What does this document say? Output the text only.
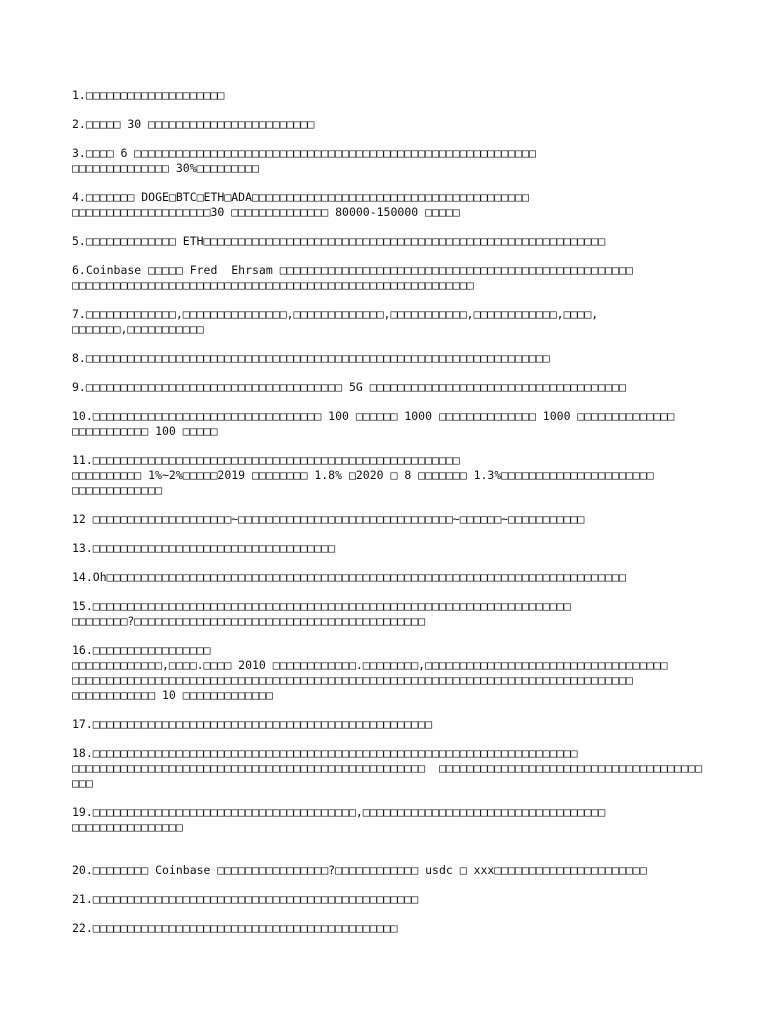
1.□□□□□□□□□□□□□□□□□□□□
2.□□□□□ 30 □□□□□□□□□□□□□□□□□□□□□□□□
3.□□□□ 6 □□□□□□□□□□□□□□□□□□□□□□□□□□□□□□□□□□□□□□□□□□□□□□□□□□□□□□□□□□
□□□□□□□□□□□□□□ 30%□□□□□□□□□
4.□□□□□□□ DOGE□BTC□ETH□ADA□□□□□□□□□□□□□□□□□□□□□□□□□□□□□□□□□□□□□□□□
□□□□□□□□□□□□□□□□□□□□30 □□□□□□□□□□□□□□ 80000-150000 □□□□□
5.□□□□□□□□□□□□□ ETH□□□□□□□□□□□□□□□□□□□□□□□□□□□□□□□□□□□□□□□□□□□□□□□□□□□□□□□□□□
6.Coinbase □□□□□ Fred  Ehrsam □□□□□□□□□□□□□□□□□□□□□□□□□□□□□□□□□□□□□□□□□□□□□□□□□□□
□□□□□□□□□□□□□□□□□□□□□□□□□□□□□□□□□□□□□□□□□□□□□□□□□□□□□□□□□□
7.□□□□□□□□□□□□□,□□□□□□□□□□□□□□□,□□□□□□□□□□□□□,□□□□□□□□□□□,□□□□□□□□□□□□,□□□□,
□□□□□□□,□□□□□□□□□□□
8.□□□□□□□□□□□□□□□□□□□□□□□□□□□□□□□□□□□□□□□□□□□□□□□□□□□□□□□□□□□□□□□□□□□
9.□□□□□□□□□□□□□□□□□□□□□□□□□□□□□□□□□□□□□ 5G □□□□□□□□□□□□□□□□□□□□□□□□□□□□□□□□□□□□□
10.□□□□□□□□□□□□□□□□□□□□□□□□□□□□□□□□□ 100 □□□□□□ 1000 □□□□□□□□□□□□□□ 1000 □□□□□□□□□□□□□□
□□□□□□□□□□□ 100 □□□□□
11.□□□□□□□□□□□□□□□□□□□□□□□□□□□□□□□□□□□□□□□□□□□□□□□□□□□□□
□□□□□□□□□□ 1%~2%□□□□□2019 □□□□□□□□ 1.8% □2020 □ 8 □□□□□□□ 1.3%□□□□□□□□□□□□□□□□□□□□□□
□□□□□□□□□□□□□
12 □□□□□□□□□□□□□□□□□□□□~□□□□□□□□□□□□□□□□□□□□□□□□□□□□□□□~□□□□□□~□□□□□□□□□□□
13.□□□□□□□□□□□□□□□□□□□□□□□□□□□□□□□□□□□
14.Oh□□□□□□□□□□□□□□□□□□□□□□□□□□□□□□□□□□□□□□□□□□□□□□□□□□□□□□□□□□□□□□□□□□□□□□□□□□□
15.□□□□□□□□□□□□□□□□□□□□□□□□□□□□□□□□□□□□□□□□□□□□□□□□□□□□□□□□□□□□□□□□□□□□□
□□□□□□□□?□□□□□□□□□□□□□□□□□□□□□□□□□□□□□□□□□□□□□□□□□□
16.□□□□□□□□□□□□□□□□□
□□□□□□□□□□□□□,□□□□.□□□□ 2010 □□□□□□□□□□□□.□□□□□□□□,□□□□□□□□□□□□□□□□□□□□□□□□□□□□□□□□□□□
□□□□□□□□□□□□□□□□□□□□□□□□□□□□□□□□□□□□□□□□□□□□□□□□□□□□□□□□□□□□□□□□□□□□□□□□□□□□□□□□□
□□□□□□□□□□□□ 10 □□□□□□□□□□□□□
17.□□□□□□□□□□□□□□□□□□□□□□□□□□□□□□□□□□□□□□□□□□□□□□□□□
18.□□□□□□□□□□□□□□□□□□□□□□□□□□□□□□□□□□□□□□□□□□□□□□□□□□□□□□□□□□□□□□□□□□□□□□
□□□□□□□□□□□□□□□□□□□□□□□□□□□□□□□□□□□□□□□□□□□□□□□□□□□  □□□□□□□□□□□□□□□□□□□□□□□□□□□□□□□□□□□□□□□□□
19.□□□□□□□□□□□□□□□□□□□□□□□□□□□□□□□□□□□□□□,□□□□□□□□□□□□□□□□□□□□□□□□□□□□□□□□□□□
□□□□□□□□□□□□□□□□
20.□□□□□□□□ Coinbase □□□□□□□□□□□□□□□□?□□□□□□□□□□□□ usdc □ xxx□□□□□□□□□□□□□□□□□□□□□□
21.□□□□□□□□□□□□□□□□□□□□□□□□□□□□□□□□□□□□□□□□□□□□□□□
22.□□□□□□□□□□□□□□□□□□□□□□□□□□□□□□□□□□□□□□□□□□□□
